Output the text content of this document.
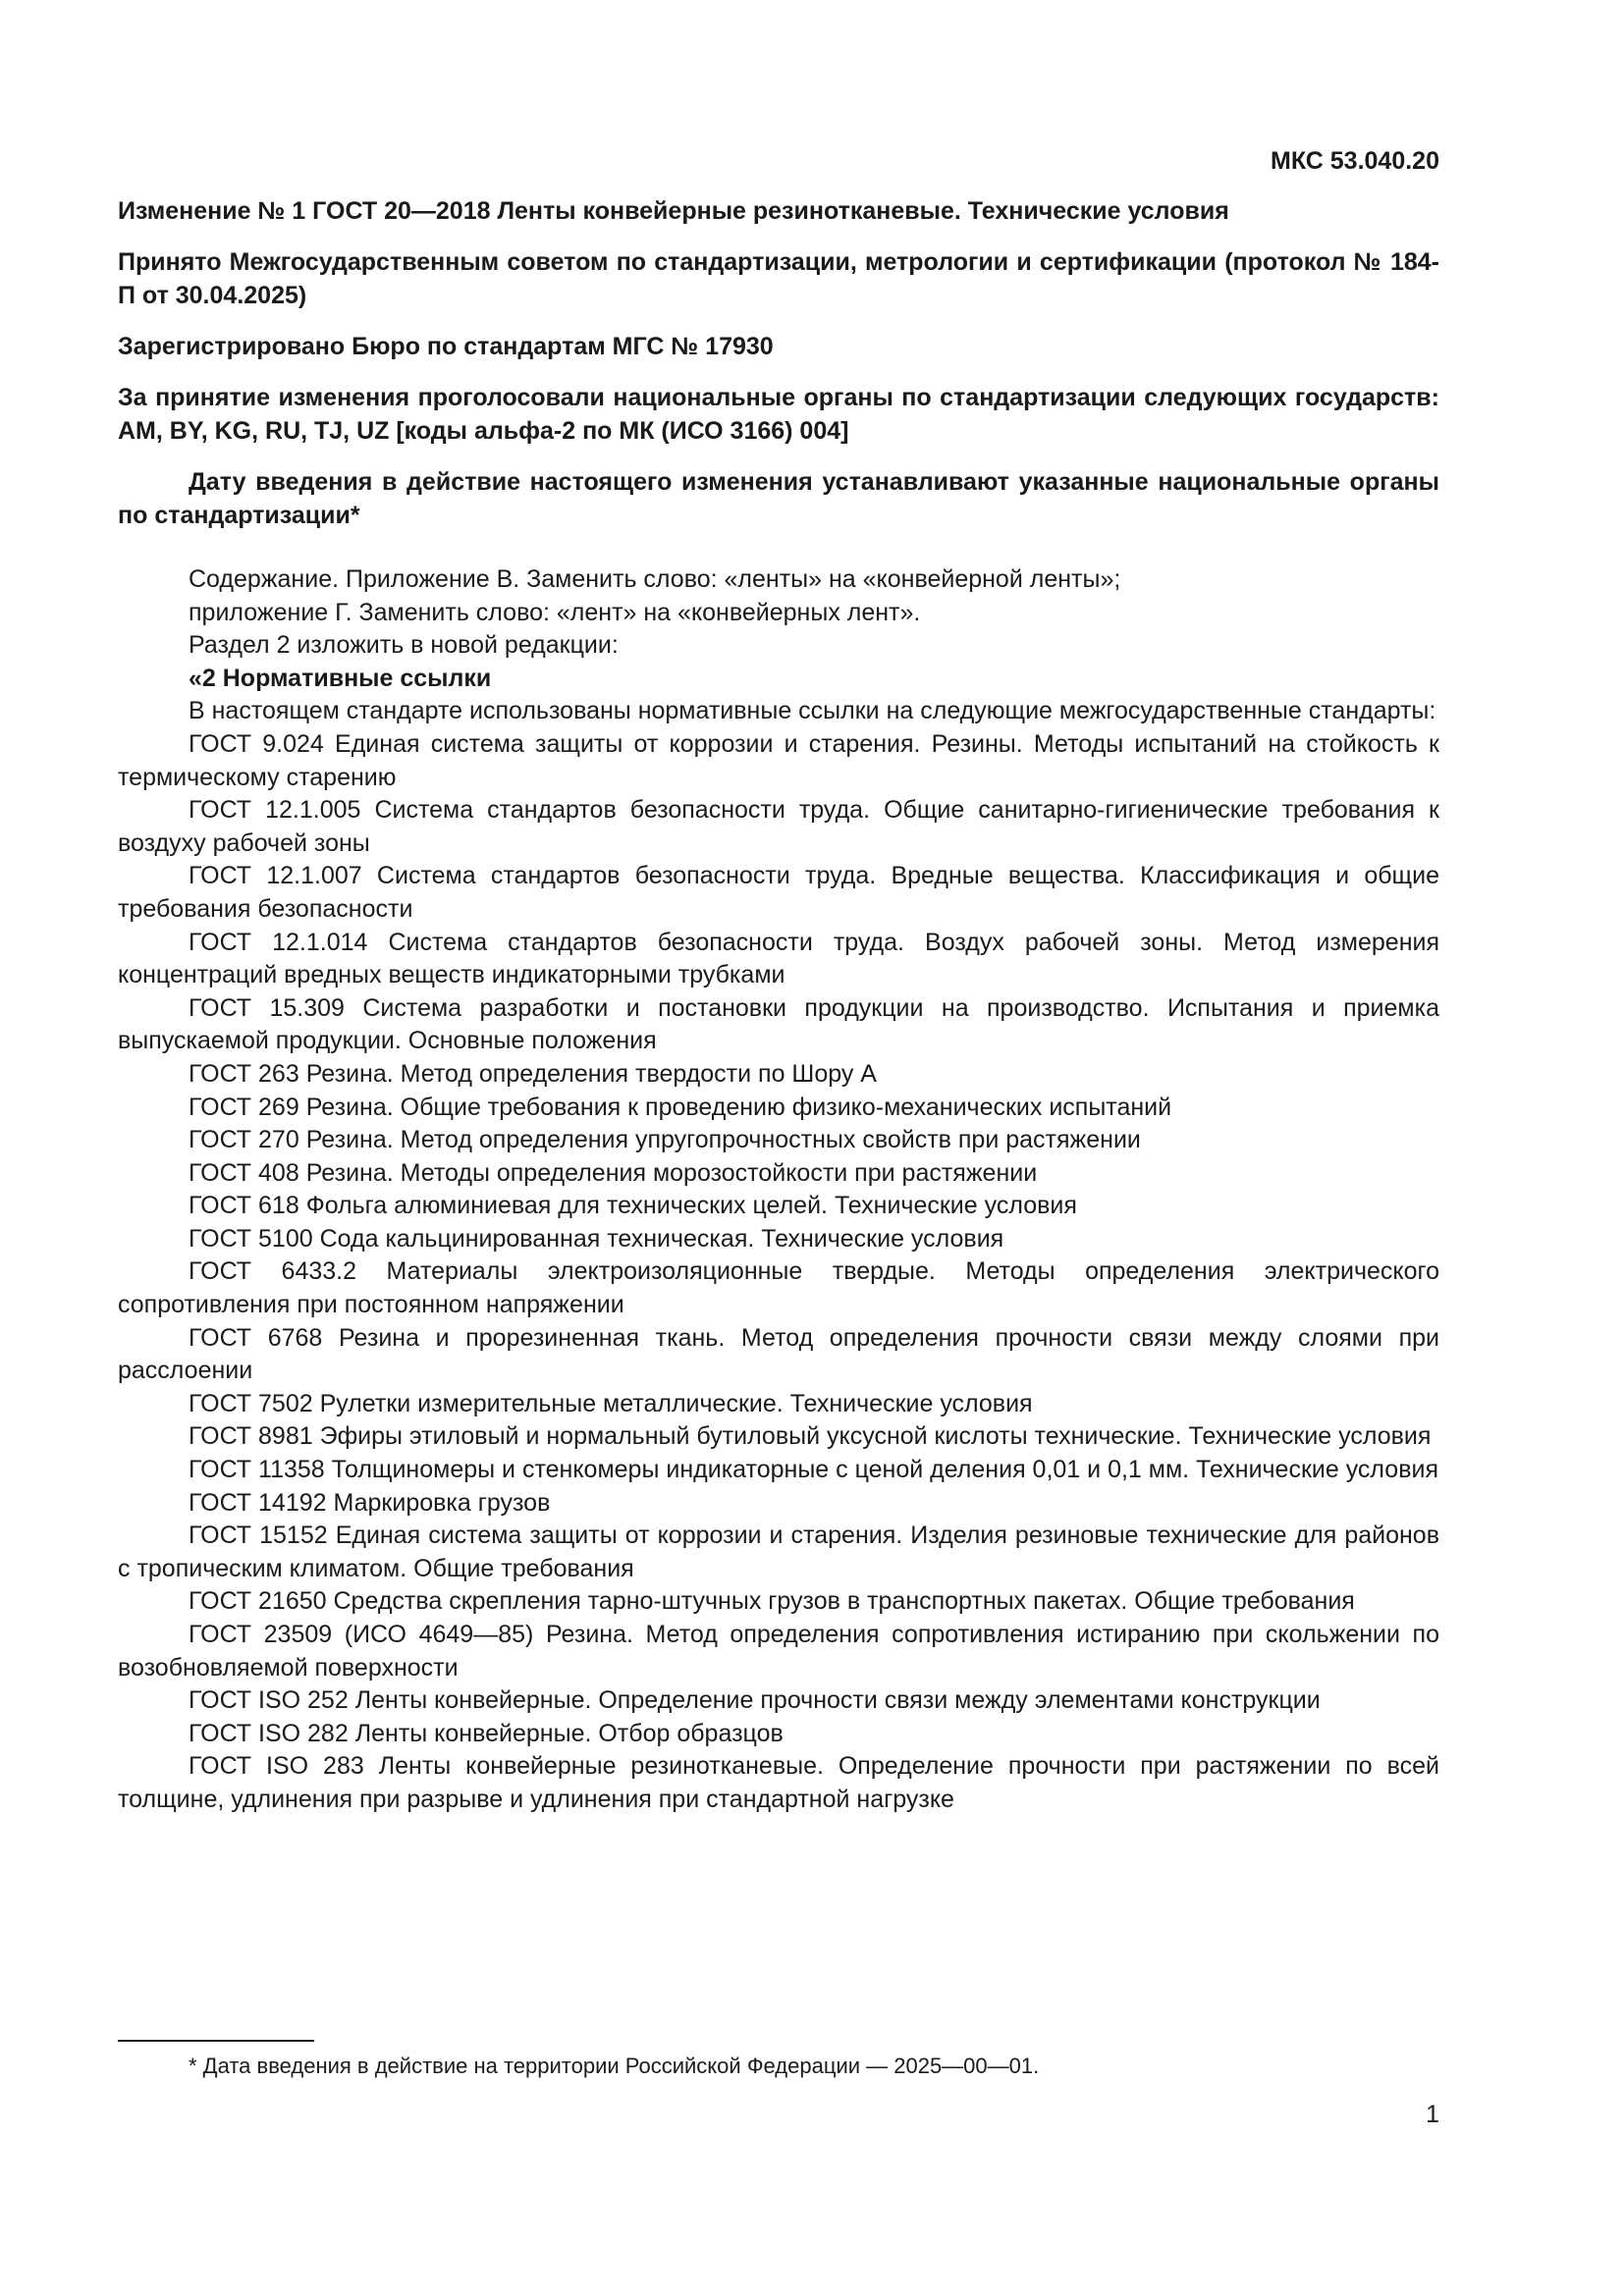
МКС 53.040.20

Изменение № 1 ГОСТ 20—2018 Ленты конвейерные резинотканевые. Технические условия

Принято Межгосударственным советом по стандартизации, метрологии и сертификации (протокол № 184-П от 30.04.2025)

Зарегистрировано Бюро по стандартам МГС № 17930

За принятие изменения проголосовали национальные органы по стандартизации следующих государств: AM, BY, KG, RU, TJ, UZ [коды альфа-2 по МК (ИСО 3166) 004]

Дату введения в действие настоящего изменения устанавливают указанные национальные органы по стандартизации*

Содержание. Приложение В. Заменить слово: «ленты» на «конвейерной ленты»;

приложение Г. Заменить слово: «лент» на «конвейерных лент».

Раздел 2 изложить в новой редакции:

«2 Нормативные ссылки

В настоящем стандарте использованы нормативные ссылки на следующие межгосударственные стандарты:

ГОСТ 9.024 Единая система защиты от коррозии и старения. Резины. Методы испытаний на стойкость к термическому старению

ГОСТ 12.1.005 Система стандартов безопасности труда. Общие санитарно-гигиенические требования к воздуху рабочей зоны

ГОСТ 12.1.007 Система стандартов безопасности труда. Вредные вещества. Классификация и общие требования безопасности

ГОСТ 12.1.014 Система стандартов безопасности труда. Воздух рабочей зоны. Метод измерения концентраций вредных веществ индикаторными трубками

ГОСТ 15.309 Система разработки и постановки продукции на производство. Испытания и приемка выпускаемой продукции. Основные положения

ГОСТ 263 Резина. Метод определения твердости по Шору А

ГОСТ 269 Резина. Общие требования к проведению физико-механических испытаний

ГОСТ 270 Резина. Метод определения упругопрочностных свойств при растяжении

ГОСТ 408 Резина. Методы определения морозостойкости при растяжении

ГОСТ 618 Фольга алюминиевая для технических целей. Технические условия

ГОСТ 5100 Сода кальцинированная техническая. Технические условия

ГОСТ 6433.2 Материалы электроизоляционные твердые. Методы определения электрического сопротивления при постоянном напряжении

ГОСТ 6768 Резина и прорезиненная ткань. Метод определения прочности связи между слоями при расслоении

ГОСТ 7502 Рулетки измерительные металлические. Технические условия

ГОСТ 8981 Эфиры этиловый и нормальный бутиловый уксусной кислоты технические. Технические условия

ГОСТ 11358 Толщиномеры и стенкомеры индикаторные с ценой деления 0,01 и 0,1 мм. Технические условия

ГОСТ 14192 Маркировка грузов

ГОСТ 15152 Единая система защиты от коррозии и старения. Изделия резиновые технические для районов с тропическим климатом. Общие требования

ГОСТ 21650 Средства скрепления тарно-штучных грузов в транспортных пакетах. Общие требования

ГОСТ 23509 (ИСО 4649—85) Резина. Метод определения сопротивления истиранию при скольжении по возобновляемой поверхности

ГОСТ ISO 252 Ленты конвейерные. Определение прочности связи между элементами конструкции

ГОСТ ISO 282 Ленты конвейерные. Отбор образцов

ГОСТ ISO 283 Ленты конвейерные резинотканевые. Определение прочности при растяжении по всей толщине, удлинения при разрыве и удлинения при стандартной нагрузке

* Дата введения в действие на территории Российской Федерации — 2025—00—01.
1
